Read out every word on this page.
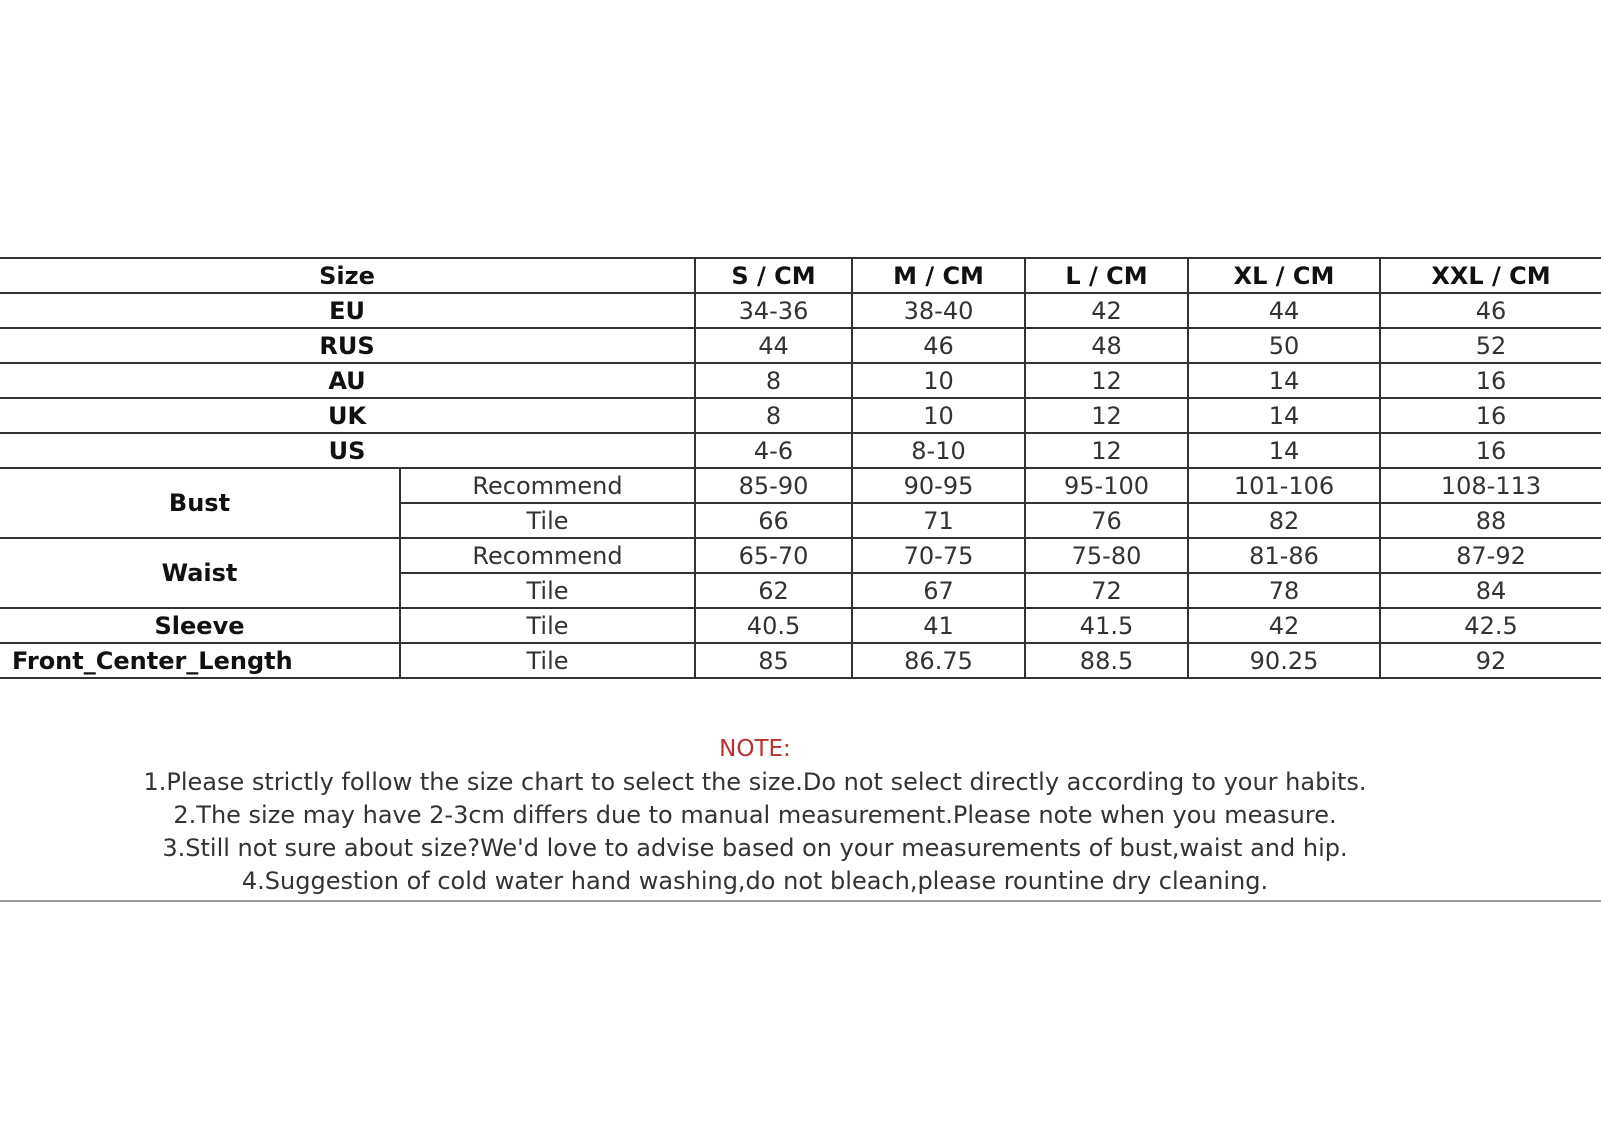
Size		S / CM	M / CM	L / CM	XL / CM	XXL / CM
EU		34-36	38-40	42	44	46
RUS		44	46	48	50	52
AU		8	10	12	14	16
UK		8	10	12	14	16
US		4-6	8-10	12	14	16
Bust	Recommend	85-90	90-95	95-100	101-106	108-113
	Tile	66	71	76	82	88
Waist	Recommend	65-70	70-75	75-80	81-86	87-92
	Tile	62	67	72	78	84
Sleeve	Tile	40.5	41	41.5	42	42.5
Front_Center_Length	Tile	85	86.75	88.5	90.25	92
NOTE:
1.Please strictly follow the size chart to select the size.Do not select directly according to your habits.
2.The size may have 2-3cm differs due to manual measurement.Please note when you measure.
3.Still not sure about size?We'd love to advise based on your measurements of bust,waist and hip.
4.Suggestion of cold water hand washing,do not bleach,please rountine dry cleaning.
